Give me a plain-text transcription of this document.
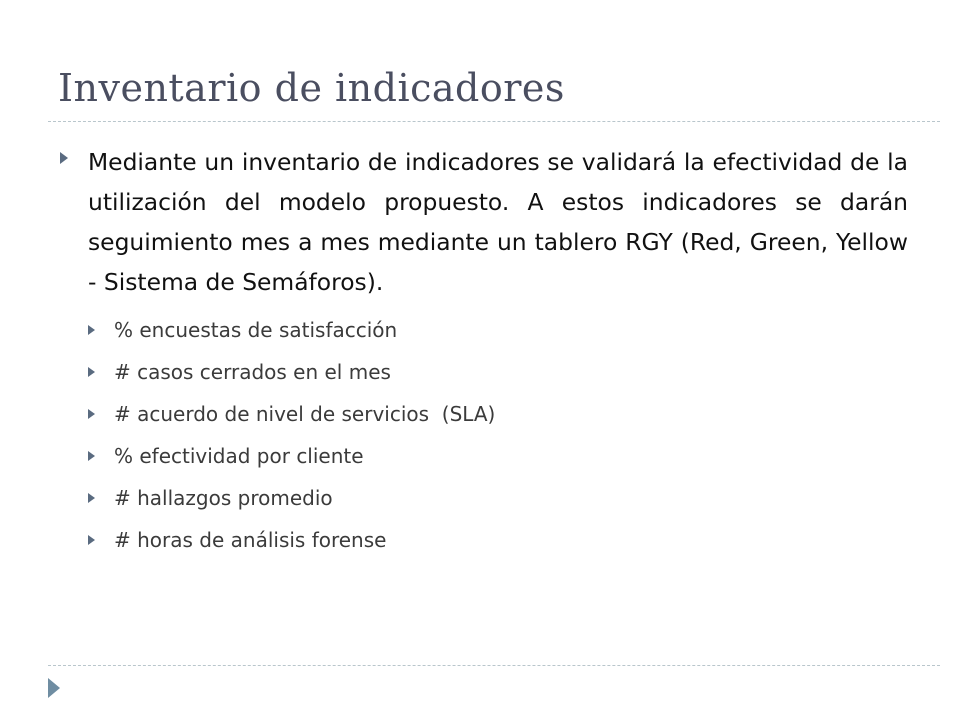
Inventario de indicadores

Mediante un inventario de indicadores se validará la efectividad de la utilización del modelo propuesto. A estos indicadores se darán seguimiento mes a mes mediante un tablero RGY (Red, Green, Yellow - Sistema de Semáforos).

% encuestas de satisfacción
# casos cerrados en el mes
# acuerdo de nivel de servicios  (SLA)
% efectividad por cliente
# hallazgos promedio
# horas de análisis forense
